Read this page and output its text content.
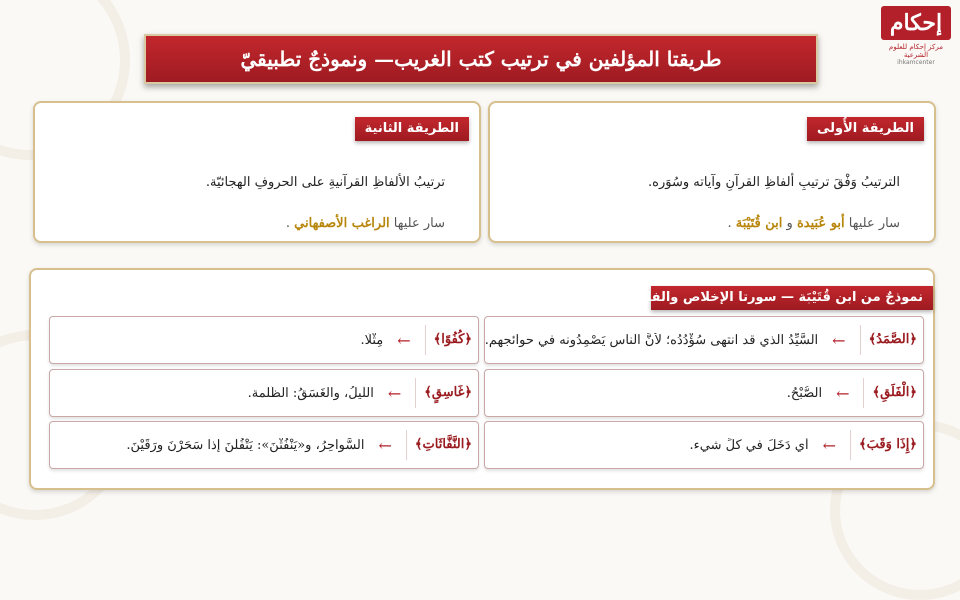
إحكام
مركز إحكام للعلوم الشرعية
ihkamcenter
طريقتا المؤلفين في ترتيب كتب الغريب— ونموذجٌ تطبيقيّ
الطريقة الأُولى
الترتيبُ وَفْقَ ترتيبِ ألفاظِ القرآنِ وآياته وسُوَره.
سار عليها أبو عُبَيدة و ابن قُتَيْبَة .
الطريقة الثانية
ترتيبُ الألفاظِ القرآنيةِ على الحروفِ الهجائيّة.
سار عليها الراغب الأصفهاني .
نموذجٌ من ابن قُتَيْبَة — سورتا الإخلاص والفلق
﴿الصَّمَدُ﴾
←
السَّيِّدُ الذي قد انتهى سُؤْدُدُه؛ لأنَّ الناس يَصْمِدُونه في حوائجهم.
﴿كُفُوًا﴾
←
مِثْلًا.
﴿الْفَلَقِ﴾
←
الصُّبْحُ.
﴿غَاسِقٍ﴾
←
اللَّيلُ، والغَسَقُ: الظُّلمة.
﴿إِذَا وَقَبَ﴾
←
أي دَخَلَ في كلِّ شيء.
﴿النَّفَّاثَاتِ﴾
←
السَّواحِرُ، و«يَنْفُثْنَ»: يَتْفُلْنَ إذا سَحَرْنَ ورَقَيْنَ.
